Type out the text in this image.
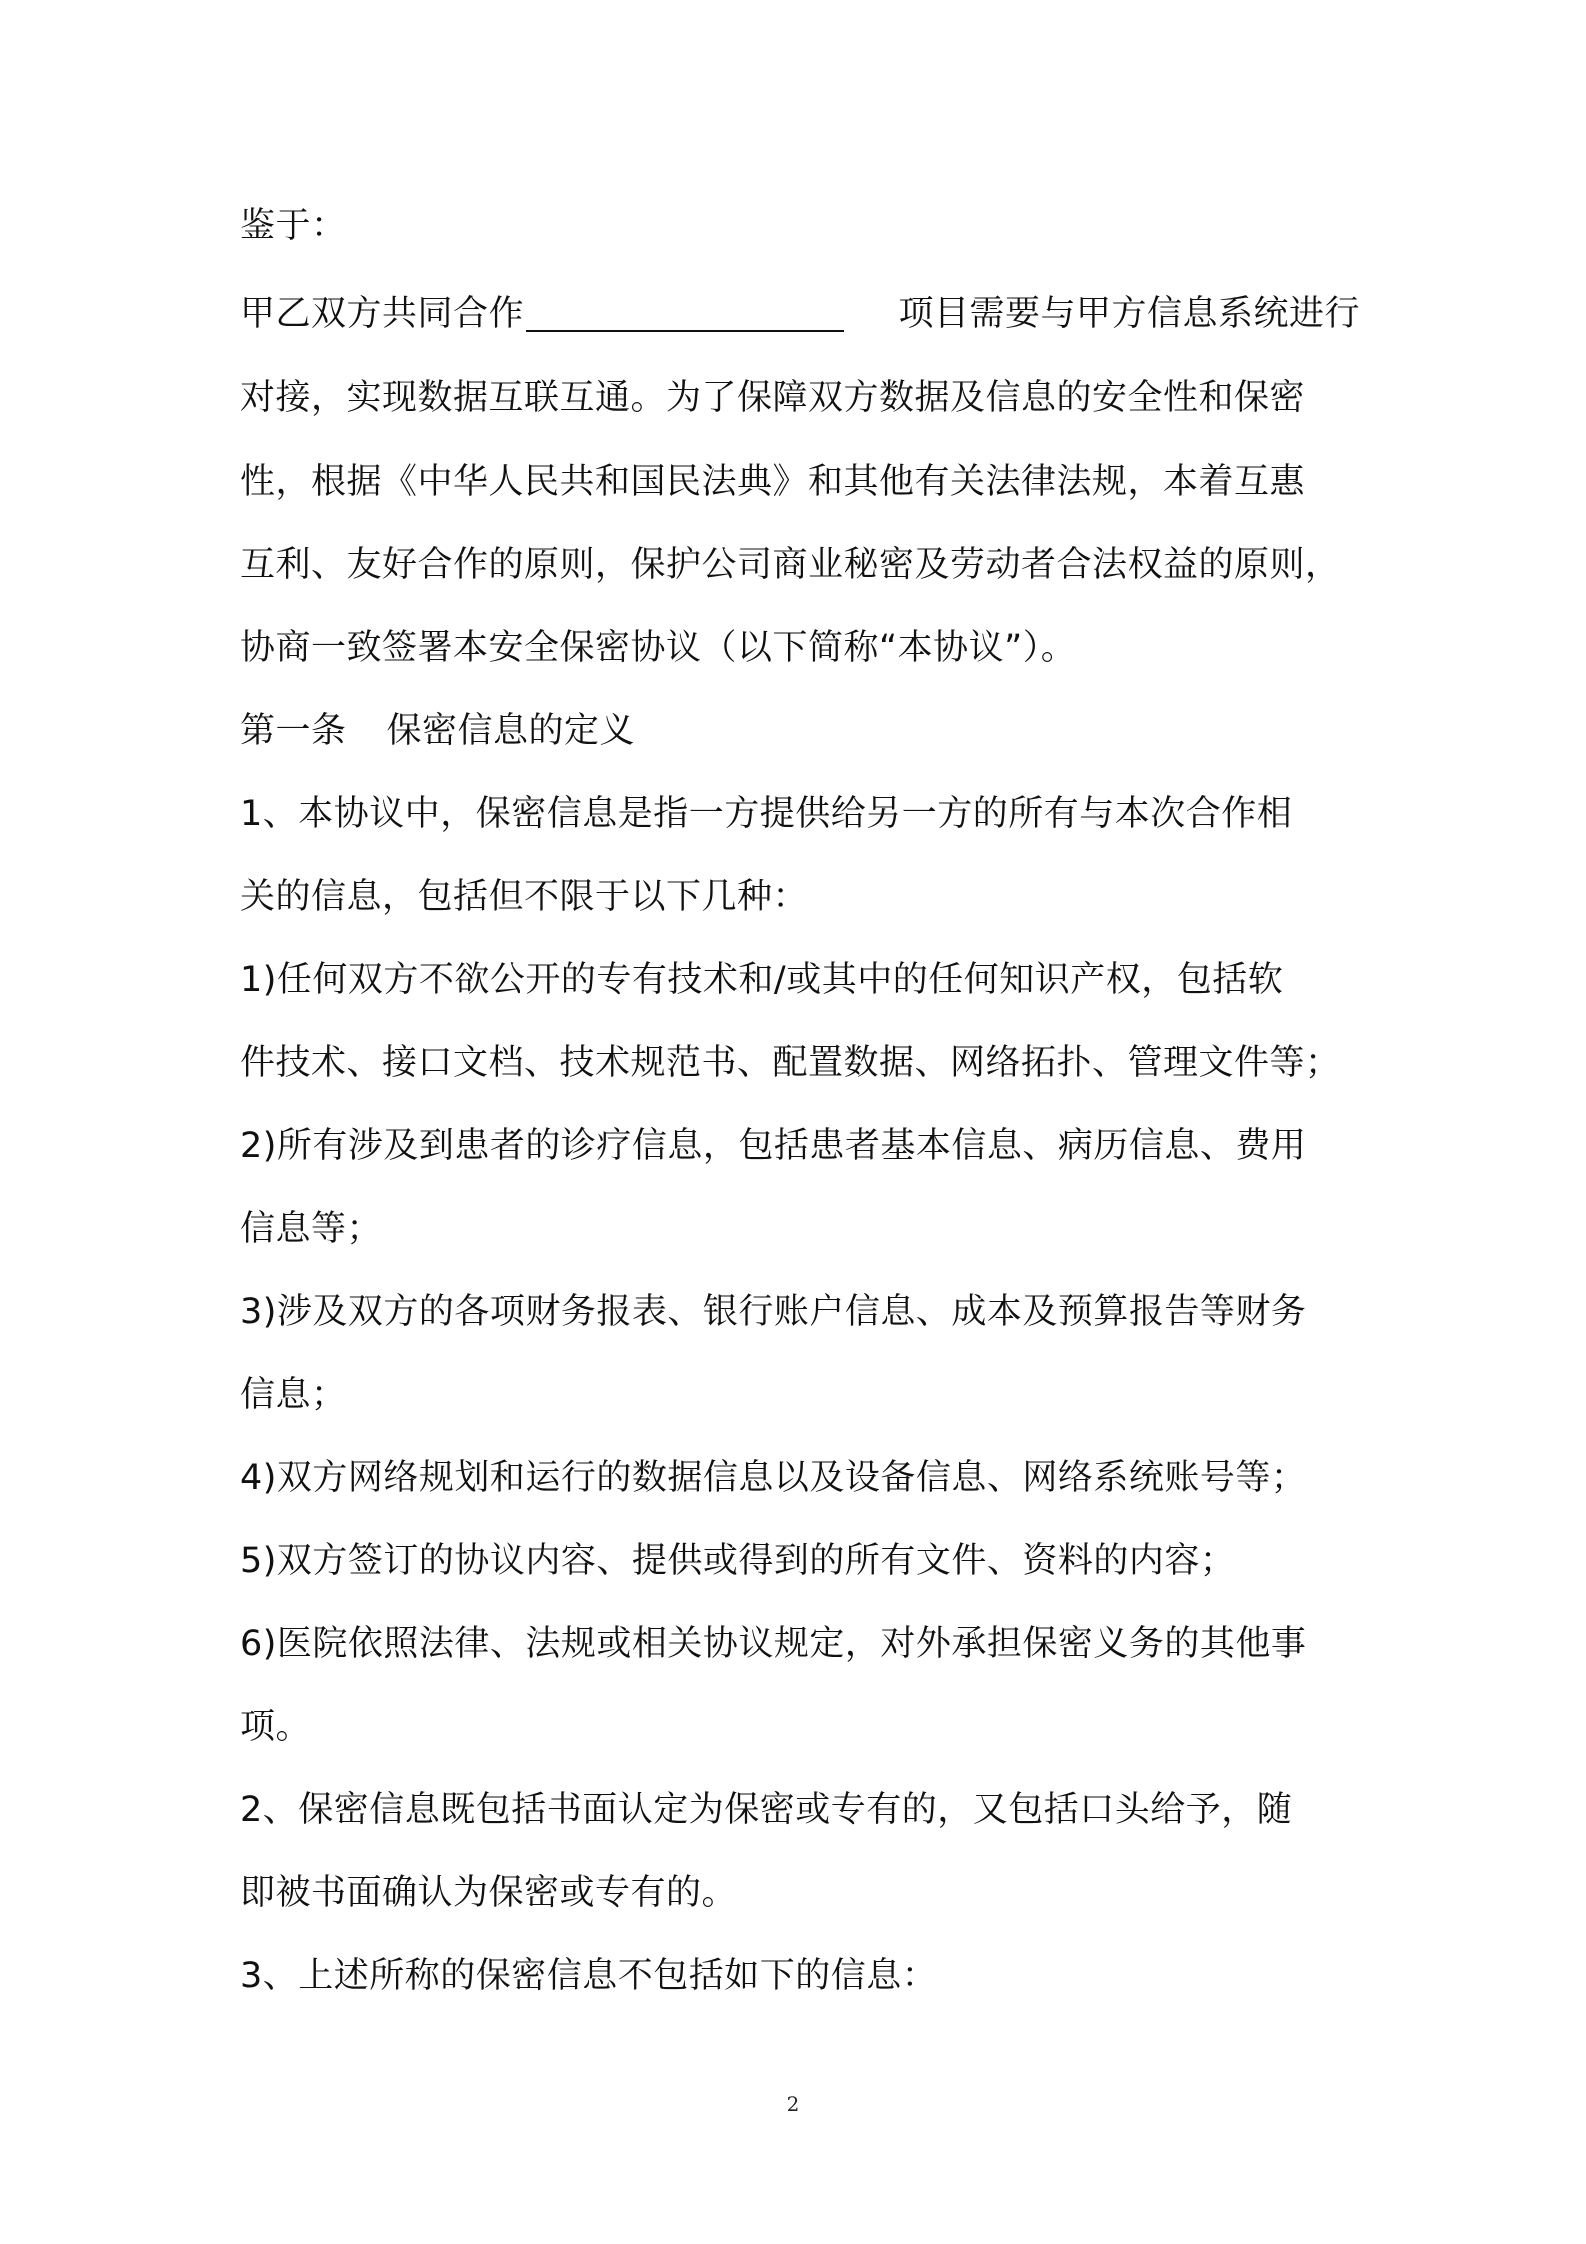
鉴于：
甲乙双方共同合作	项目需要与甲方信息系统进行
对接，实现数据互联互通。为了保障双方数据及信息的安全性和保密
性，根据《中华人民共和国民法典》和其他有关法律法规，本着互惠
互利、友好合作的原则，保护公司商业秘密及劳动者合法权益的原则，
协商一致签署本安全保密协议（以下简称“本协议”）。
第一条 保密信息的定义
1、本协议中，保密信息是指一方提供给另一方的所有与本次合作相
关的信息，包括但不限于以下几种：
1)任何双方不欲公开的专有技术和/或其中的任何知识产权，包括软
件技术、接口文档、技术规范书、配置数据、网络拓扑、管理文件等；
2)所有涉及到患者的诊疗信息，包括患者基本信息、病历信息、费用
信息等；
3)涉及双方的各项财务报表、银行账户信息、成本及预算报告等财务
信息；
4)双方网络规划和运行的数据信息以及设备信息、网络系统账号等；
5)双方签订的协议内容、提供或得到的所有文件、资料的内容；
6)医院依照法律、法规或相关协议规定，对外承担保密义务的其他事
项。
2、保密信息既包括书面认定为保密或专有的，又包括口头给予，随
即被书面确认为保密或专有的。
3、上述所称的保密信息不包括如下的信息：
2
